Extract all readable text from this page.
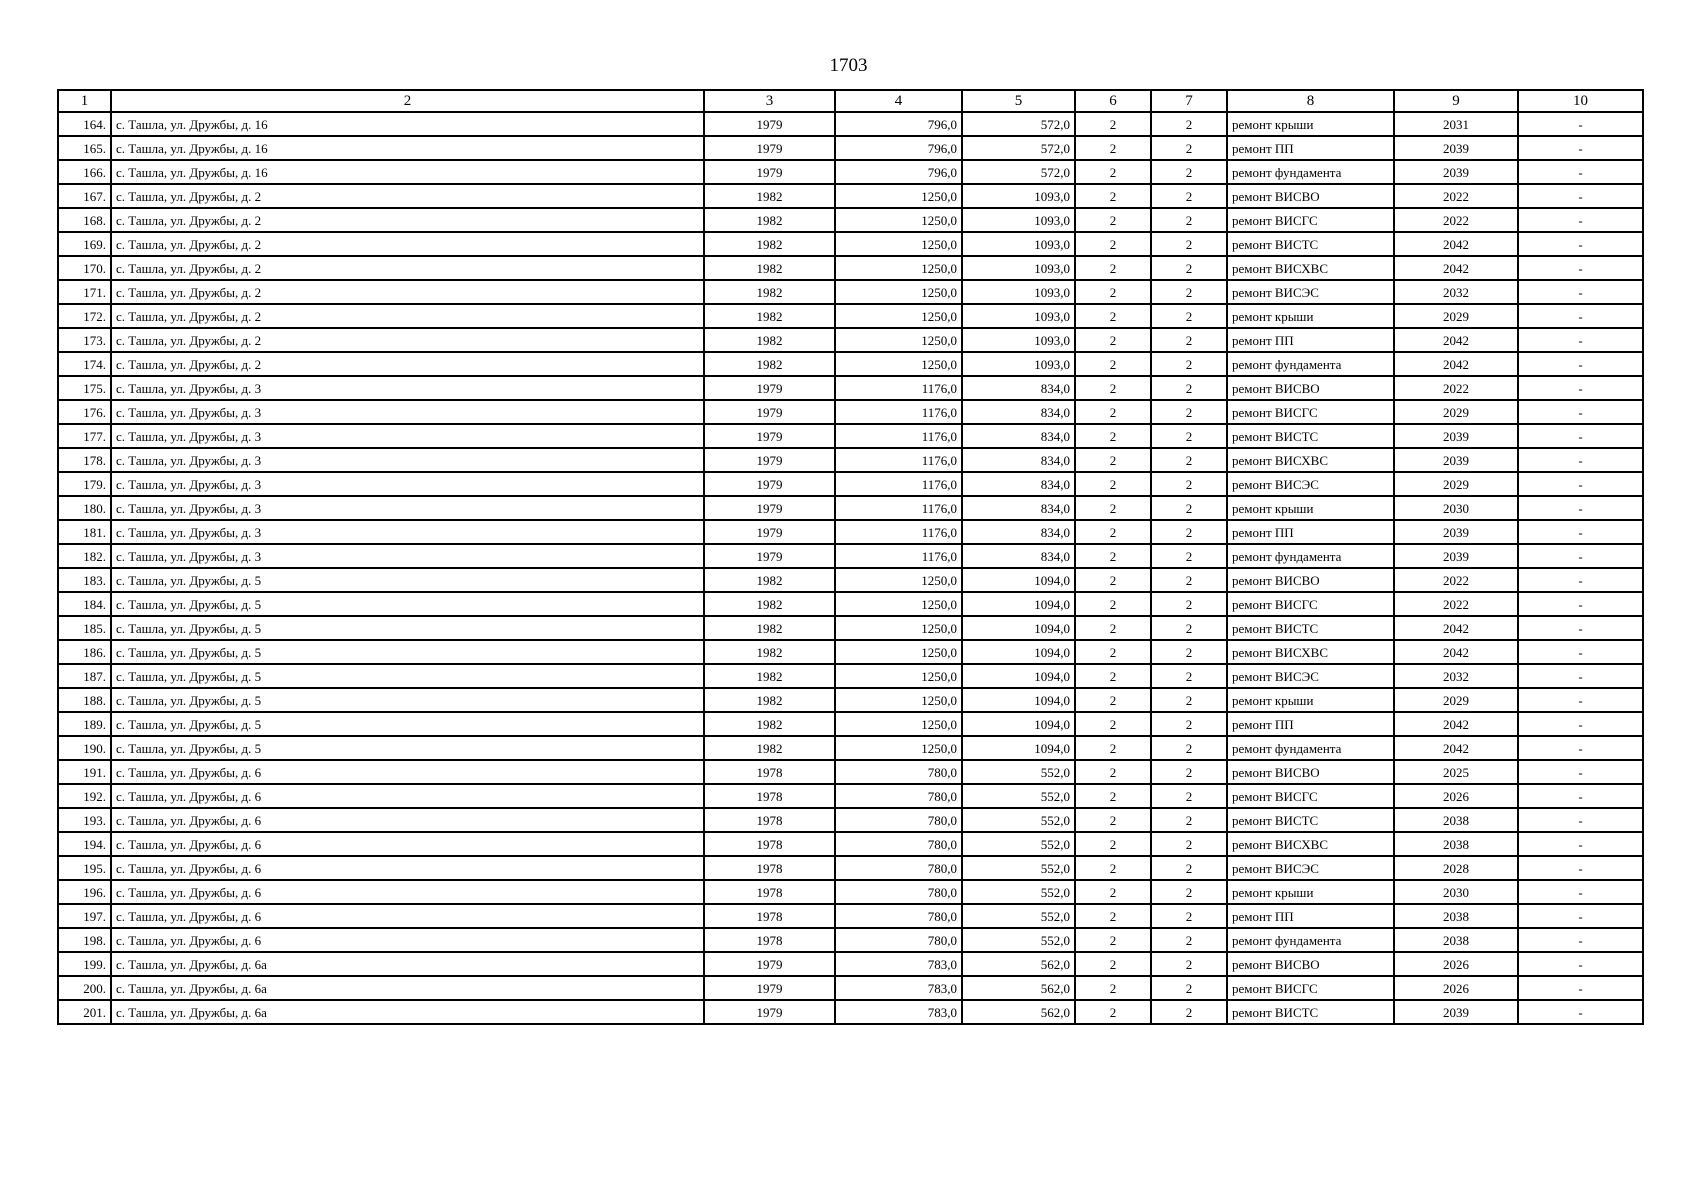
1703
1	2	3	4	5	6	7	8	9	10
164.	с. Ташла, ул. Дружбы, д. 16	1979	796,0	572,0	2	2	ремонт крыши	2031	-
165.	с. Ташла, ул. Дружбы, д. 16	1979	796,0	572,0	2	2	ремонт ПП	2039	-
166.	с. Ташла, ул. Дружбы, д. 16	1979	796,0	572,0	2	2	ремонт фундамента	2039	-
167.	с. Ташла, ул. Дружбы, д. 2	1982	1250,0	1093,0	2	2	ремонт ВИСВО	2022	-
168.	с. Ташла, ул. Дружбы, д. 2	1982	1250,0	1093,0	2	2	ремонт ВИСГС	2022	-
169.	с. Ташла, ул. Дружбы, д. 2	1982	1250,0	1093,0	2	2	ремонт ВИСТС	2042	-
170.	с. Ташла, ул. Дружбы, д. 2	1982	1250,0	1093,0	2	2	ремонт ВИСХВС	2042	-
171.	с. Ташла, ул. Дружбы, д. 2	1982	1250,0	1093,0	2	2	ремонт ВИСЭС	2032	-
172.	с. Ташла, ул. Дружбы, д. 2	1982	1250,0	1093,0	2	2	ремонт крыши	2029	-
173.	с. Ташла, ул. Дружбы, д. 2	1982	1250,0	1093,0	2	2	ремонт ПП	2042	-
174.	с. Ташла, ул. Дружбы, д. 2	1982	1250,0	1093,0	2	2	ремонт фундамента	2042	-
175.	с. Ташла, ул. Дружбы, д. 3	1979	1176,0	834,0	2	2	ремонт ВИСВО	2022	-
176.	с. Ташла, ул. Дружбы, д. 3	1979	1176,0	834,0	2	2	ремонт ВИСГС	2029	-
177.	с. Ташла, ул. Дружбы, д. 3	1979	1176,0	834,0	2	2	ремонт ВИСТС	2039	-
178.	с. Ташла, ул. Дружбы, д. 3	1979	1176,0	834,0	2	2	ремонт ВИСХВС	2039	-
179.	с. Ташла, ул. Дружбы, д. 3	1979	1176,0	834,0	2	2	ремонт ВИСЭС	2029	-
180.	с. Ташла, ул. Дружбы, д. 3	1979	1176,0	834,0	2	2	ремонт крыши	2030	-
181.	с. Ташла, ул. Дружбы, д. 3	1979	1176,0	834,0	2	2	ремонт ПП	2039	-
182.	с. Ташла, ул. Дружбы, д. 3	1979	1176,0	834,0	2	2	ремонт фундамента	2039	-
183.	с. Ташла, ул. Дружбы, д. 5	1982	1250,0	1094,0	2	2	ремонт ВИСВО	2022	-
184.	с. Ташла, ул. Дружбы, д. 5	1982	1250,0	1094,0	2	2	ремонт ВИСГС	2022	-
185.	с. Ташла, ул. Дружбы, д. 5	1982	1250,0	1094,0	2	2	ремонт ВИСТС	2042	-
186.	с. Ташла, ул. Дружбы, д. 5	1982	1250,0	1094,0	2	2	ремонт ВИСХВС	2042	-
187.	с. Ташла, ул. Дружбы, д. 5	1982	1250,0	1094,0	2	2	ремонт ВИСЭС	2032	-
188.	с. Ташла, ул. Дружбы, д. 5	1982	1250,0	1094,0	2	2	ремонт крыши	2029	-
189.	с. Ташла, ул. Дружбы, д. 5	1982	1250,0	1094,0	2	2	ремонт ПП	2042	-
190.	с. Ташла, ул. Дружбы, д. 5	1982	1250,0	1094,0	2	2	ремонт фундамента	2042	-
191.	с. Ташла, ул. Дружбы, д. 6	1978	780,0	552,0	2	2	ремонт ВИСВО	2025	-
192.	с. Ташла, ул. Дружбы, д. 6	1978	780,0	552,0	2	2	ремонт ВИСГС	2026	-
193.	с. Ташла, ул. Дружбы, д. 6	1978	780,0	552,0	2	2	ремонт ВИСТС	2038	-
194.	с. Ташла, ул. Дружбы, д. 6	1978	780,0	552,0	2	2	ремонт ВИСХВС	2038	-
195.	с. Ташла, ул. Дружбы, д. 6	1978	780,0	552,0	2	2	ремонт ВИСЭС	2028	-
196.	с. Ташла, ул. Дружбы, д. 6	1978	780,0	552,0	2	2	ремонт крыши	2030	-
197.	с. Ташла, ул. Дружбы, д. 6	1978	780,0	552,0	2	2	ремонт ПП	2038	-
198.	с. Ташла, ул. Дружбы, д. 6	1978	780,0	552,0	2	2	ремонт фундамента	2038	-
199.	с. Ташла, ул. Дружбы, д. 6а	1979	783,0	562,0	2	2	ремонт ВИСВО	2026	-
200.	с. Ташла, ул. Дружбы, д. 6а	1979	783,0	562,0	2	2	ремонт ВИСГС	2026	-
201.	с. Ташла, ул. Дружбы, д. 6а	1979	783,0	562,0	2	2	ремонт ВИСТС	2039	-
